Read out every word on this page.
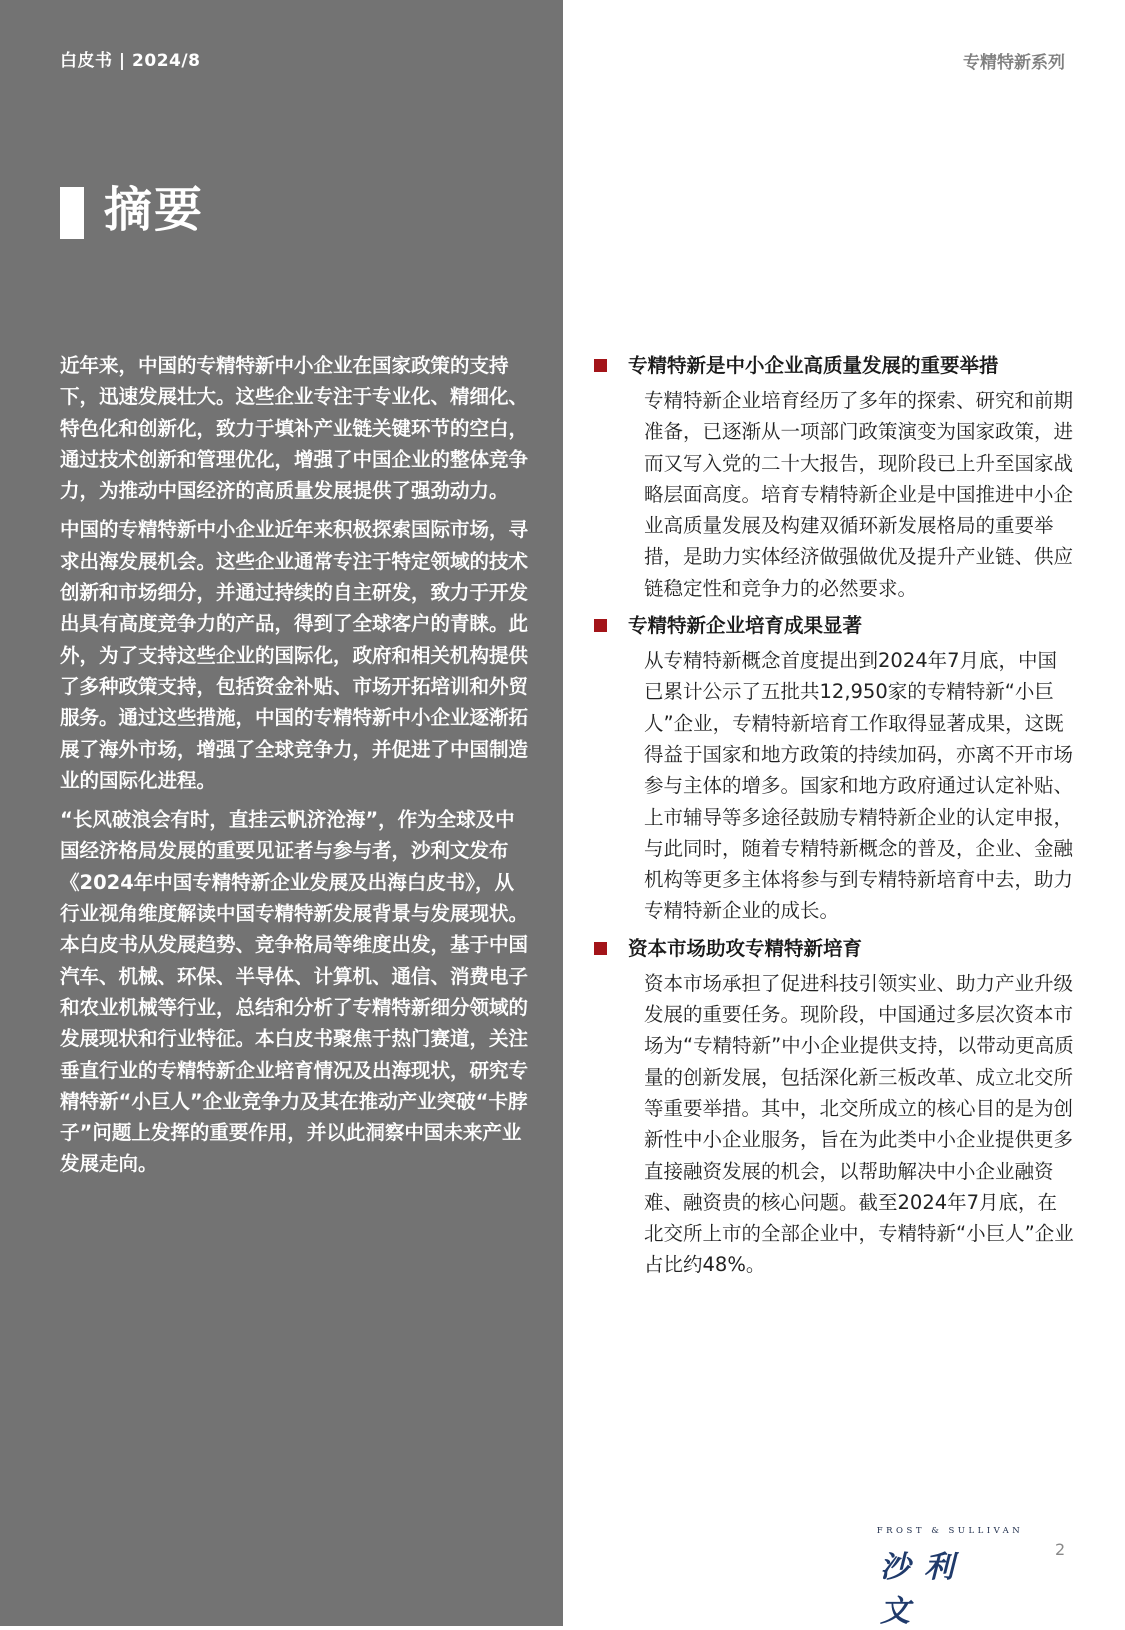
白皮书 | 2024/8	专精特新系列
摘要

近年来，中国的专精特新中小企业在国家政策的支持下，迅速发展壮大。这些企业专注于专业化、精细化、特色化和创新化，致力于填补产业链关键环节的空白，通过技术创新和管理优化，增强了中国企业的整体竞争力，为推动中国经济的高质量发展提供了强劲动力。

中国的专精特新中小企业近年来积极探索国际市场，寻求出海发展机会。这些企业通常专注于特定领域的技术创新和市场细分，并通过持续的自主研发，致力于开发出具有高度竞争力的产品，得到了全球客户的青睐。此外，为了支持这些企业的国际化，政府和相关机构提供了多种政策支持，包括资金补贴、市场开拓培训和外贸服务。通过这些措施，中国的专精特新中小企业逐渐拓展了海外市场，增强了全球竞争力，并促进了中国制造业的国际化进程。

“长风破浪会有时，直挂云帆济沧海”，作为全球及中国经济格局发展的重要见证者与参与者，沙利文发布《2024年中国专精特新企业发展及出海白皮书》，从行业视角维度解读中国专精特新发展背景与发展现状。本白皮书从发展趋势、竞争格局等维度出发，基于中国汽车、机械、环保、半导体、计算机、通信、消费电子和农业机械等行业，总结和分析了专精特新细分领域的发展现状和行业特征。本白皮书聚焦于热门赛道，关注垂直行业的专精特新企业培育情况及出海现状，研究专精特新“小巨人”企业竞争力及其在推动产业突破“卡脖子”问题上发挥的重要作用，并以此洞察中国未来产业发展走向。

专精特新是中小企业高质量发展的重要举措

专精特新企业培育经历了多年的探索、研究和前期准备，已逐渐从一项部门政策演变为国家政策，进而又写入党的二十大报告，现阶段已上升至国家战略层面高度。培育专精特新企业是中国推进中小企业高质量发展及构建双循环新发展格局的重要举措，是助力实体经济做强做优及提升产业链、供应链稳定性和竞争力的必然要求。

专精特新企业培育成果显著

从专精特新概念首度提出到2024年7月底，中国已累计公示了五批共12,950家的专精特新“小巨人”企业，专精特新培育工作取得显著成果，这既得益于国家和地方政策的持续加码，亦离不开市场参与主体的增多。国家和地方政府通过认定补贴、上市辅导等多途径鼓励专精特新企业的认定申报，与此同时，随着专精特新概念的普及，企业、金融机构等更多主体将参与到专精特新培育中去，助力专精特新企业的成长。

资本市场助攻专精特新培育

资本市场承担了促进科技引领实业、助力产业升级发展的重要任务。现阶段，中国通过多层次资本市场为“专精特新”中小企业提供支持，以带动更高质量的创新发展，包括深化新三板改革、成立北交所等重要举措。其中，北交所成立的核心目的是为创新性中小企业服务，旨在为此类中小企业提供更多直接融资发展的机会，以帮助解决中小企业融资难、融资贵的核心问题。截至2024年7月底，在北交所上市的全部企业中，专精特新“小巨人”企业占比约48%。

FROST & SULLIVAN
沙利文
2
